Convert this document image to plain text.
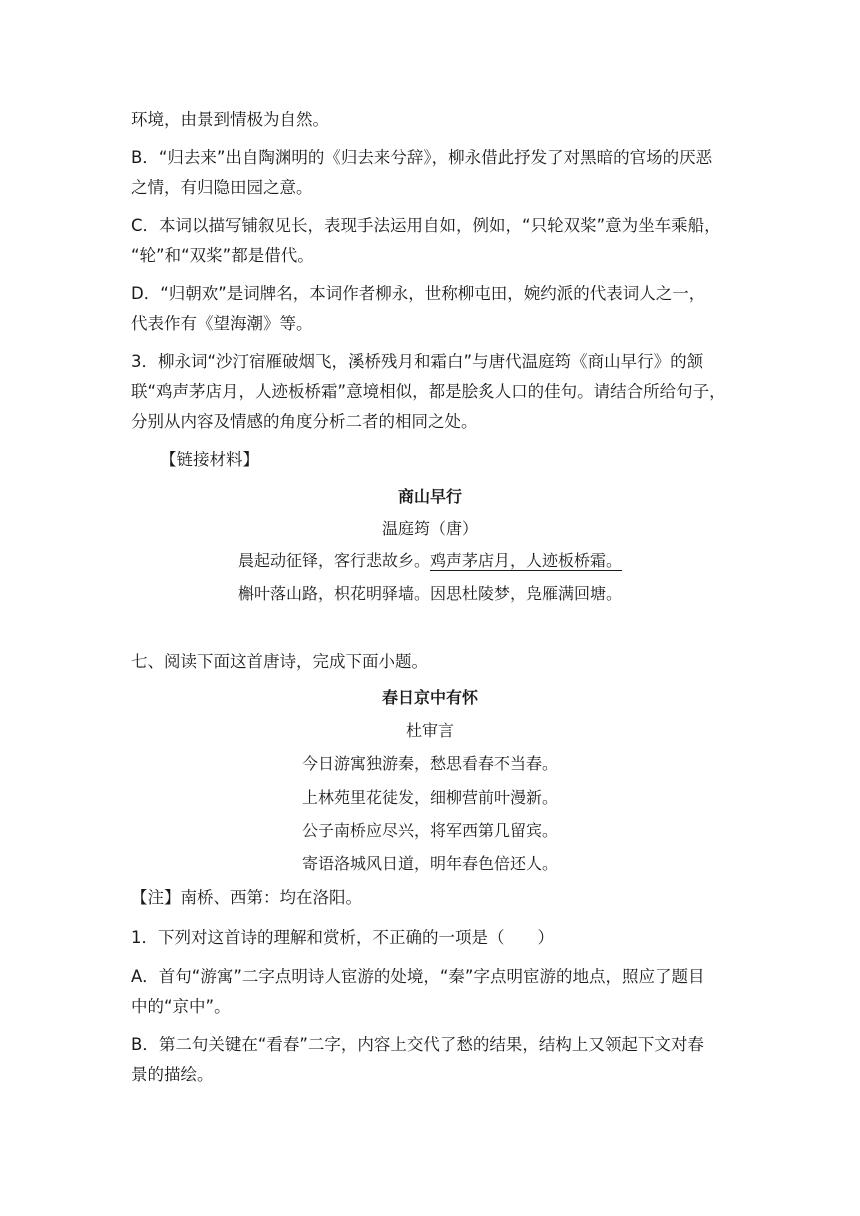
环境，由景到情极为自然。

B．“归去来”出自陶渊明的《归去来兮辞》，柳永借此抒发了对黑暗的官场的厌恶

之情，有归隐田园之意。

C．本词以描写铺叙见长，表现手法运用自如，例如，“只轮双桨”意为坐车乘船，

“轮”和“双桨”都是借代。

D．“归朝欢”是词牌名，本词作者柳永，世称柳屯田，婉约派的代表词人之一，

代表作有《望海潮》等。

3．柳永词“沙汀宿雁破烟飞，溪桥残月和霜白”与唐代温庭筠《商山早行》的颔

联“鸡声茅店月，人迹板桥霜”意境相似，都是脍炙人口的佳句。请结合所给句子，

分别从内容及情感的角度分析二者的相同之处。

【链接材料】

商山早行

温庭筠（唐）

晨起动征铎，客行悲故乡。鸡声茅店月，人迹板桥霜。

槲叶落山路，枳花明驿墙。因思杜陵梦，凫雁满回塘。

七、阅读下面这首唐诗，完成下面小题。

春日京中有怀

杜审言

今日游寓独游秦，愁思看春不当春。

上林苑里花徒发，细柳营前叶漫新。

公子南桥应尽兴，将军西第几留宾。

寄语洛城风日道，明年春色倍还人。

【注】南桥、西第：均在洛阳。

1．下列对这首诗的理解和赏析，不正确的一项是（　　）

A．首句“游寓”二字点明诗人宦游的处境，“秦”字点明宦游的地点，照应了题目

中的“京中”。

B．第二句关键在“看春”二字，内容上交代了愁的结果，结构上又领起下文对春

景的描绘。
